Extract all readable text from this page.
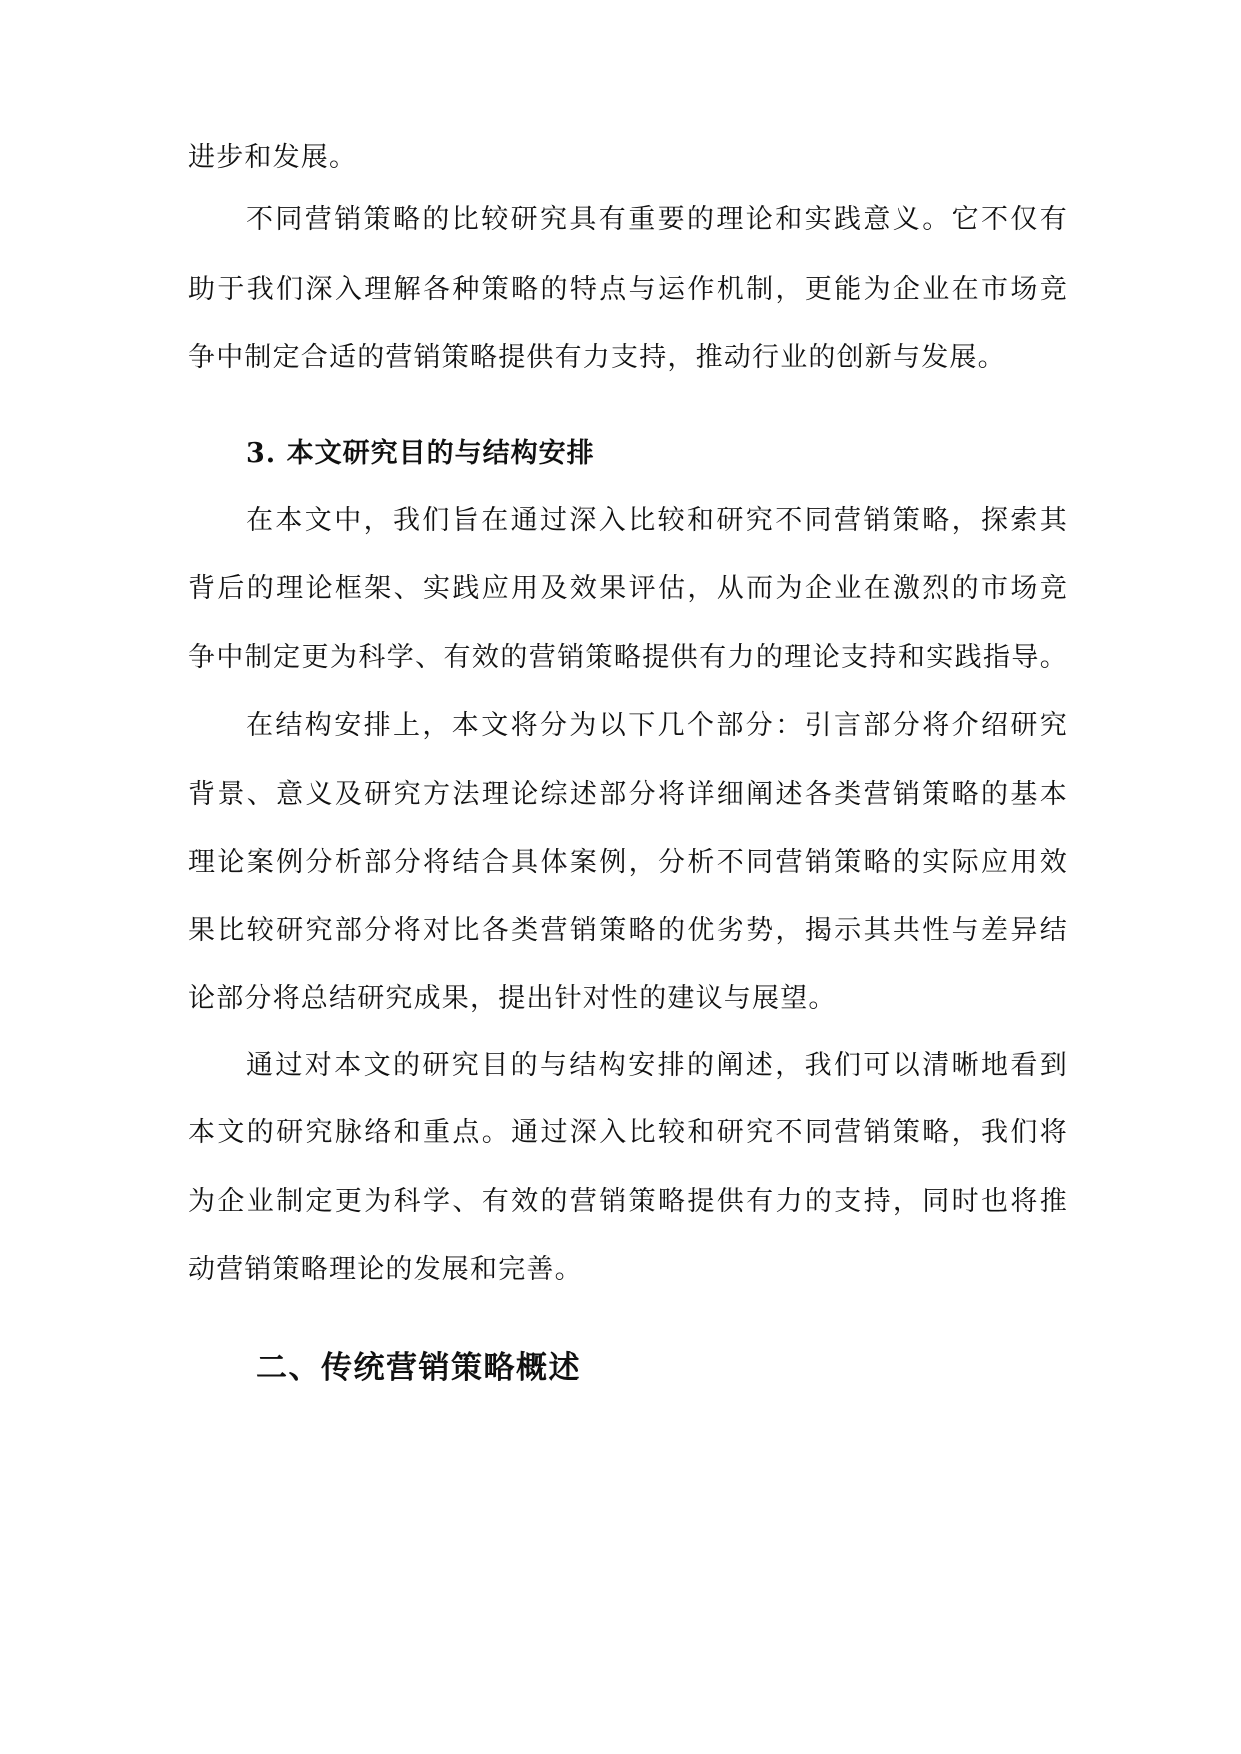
进步和发展。
不同营销策略的比较研究具有重要的理论和实践意义。它不仅有
助于我们深入理解各种策略的特点与运作机制，更能为企业在市场竞
争中制定合适的营销策略提供有力支持，推动行业的创新与发展。
3. 本文研究目的与结构安排
在本文中，我们旨在通过深入比较和研究不同营销策略，探索其
背后的理论框架、实践应用及效果评估，从而为企业在激烈的市场竞
争中制定更为科学、有效的营销策略提供有力的理论支持和实践指导。
在结构安排上，本文将分为以下几个部分：引言部分将介绍研究
背景、意义及研究方法理论综述部分将详细阐述各类营销策略的基本
理论案例分析部分将结合具体案例，分析不同营销策略的实际应用效
果比较研究部分将对比各类营销策略的优劣势，揭示其共性与差异结
论部分将总结研究成果，提出针对性的建议与展望。
通过对本文的研究目的与结构安排的阐述，我们可以清晰地看到
本文的研究脉络和重点。通过深入比较和研究不同营销策略，我们将
为企业制定更为科学、有效的营销策略提供有力的支持，同时也将推
动营销策略理论的发展和完善。
二、传统营销策略概述
